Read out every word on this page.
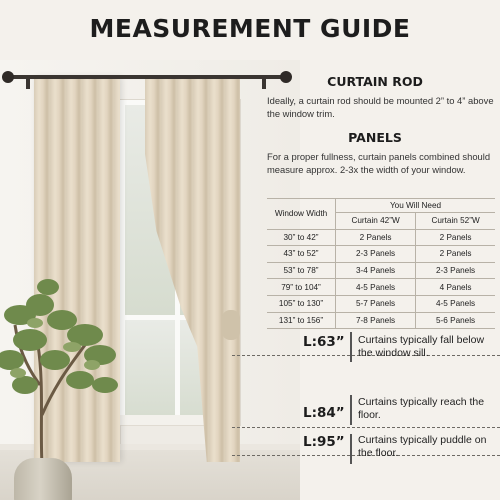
MEASUREMENT GUIDE
CURTAIN ROD
Ideally, a curtain rod should be mounted 2” to 4” above the window trim.
PANELS
For a proper fullness, curtain panels combined should measure approx. 2-3x the width of your window.
Window Width	You Will Need	
	Curtain 42”W	Curtain 52”W
30” to 42”	2 Panels	2 Panels
43” to 52”	2-3 Panels	2 Panels
53” to 78”	3-4 Panels	2-3 Panels
79” to 104”	4-5 Panels	4 Panels
105” to 130”	5-7 Panels	4-5 Panels
131” to 156”	7-8 Panels	5-6 Panels
L:63” Curtains typically fall below the window sill.
L:84”
Curtains typically reach the floor.
L:95” Curtains typically puddle on the floor.
